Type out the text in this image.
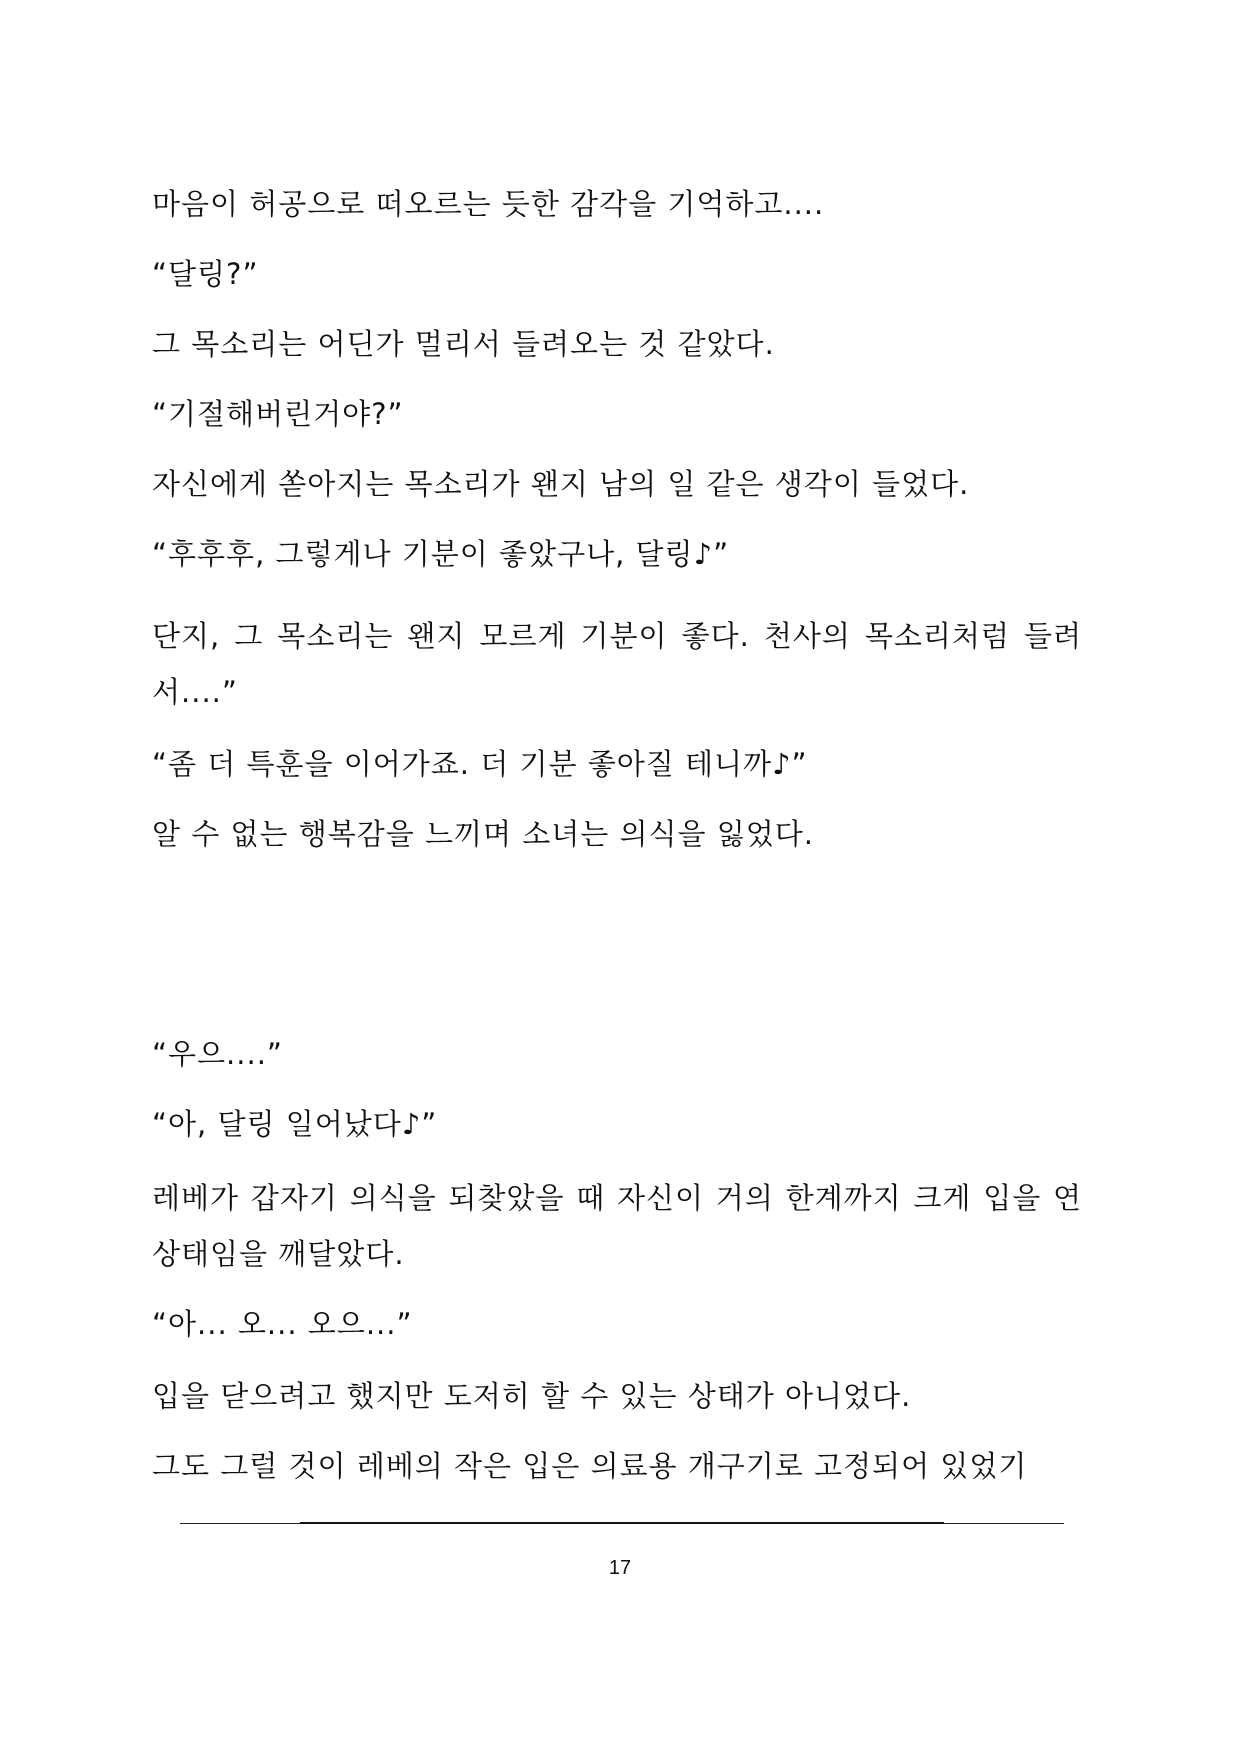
마음이 허공으로 떠오르는 듯한 감각을 기억하고....

“달링?”

그 목소리는 어딘가 멀리서 들려오는 것 같았다.

“기절해버린거야?”

자신에게 쏟아지는 목소리가 왠지 남의 일 같은 생각이 들었다.

“후후후, 그렇게나 기분이 좋았구나, 달링♪”

단지, 그 목소리는 왠지 모르게 기분이 좋다. 천사의 목소리처럼 들려서....”

“좀 더 특훈을 이어가죠. 더 기분 좋아질 테니까♪”

알 수 없는 행복감을 느끼며 소녀는 의식을 잃었다.

“우으....”

“아, 달링 일어났다♪”

레베가 갑자기 의식을 되찾았을 때 자신이 거의 한계까지 크게 입을 연 상태임을 깨달았다.

“아... 오... 오으...”

입을 닫으려고 했지만 도저히 할 수 있는 상태가 아니었다.

그도 그럴 것이 레베의 작은 입은 의료용 개구기로 고정되어 있었기

17
